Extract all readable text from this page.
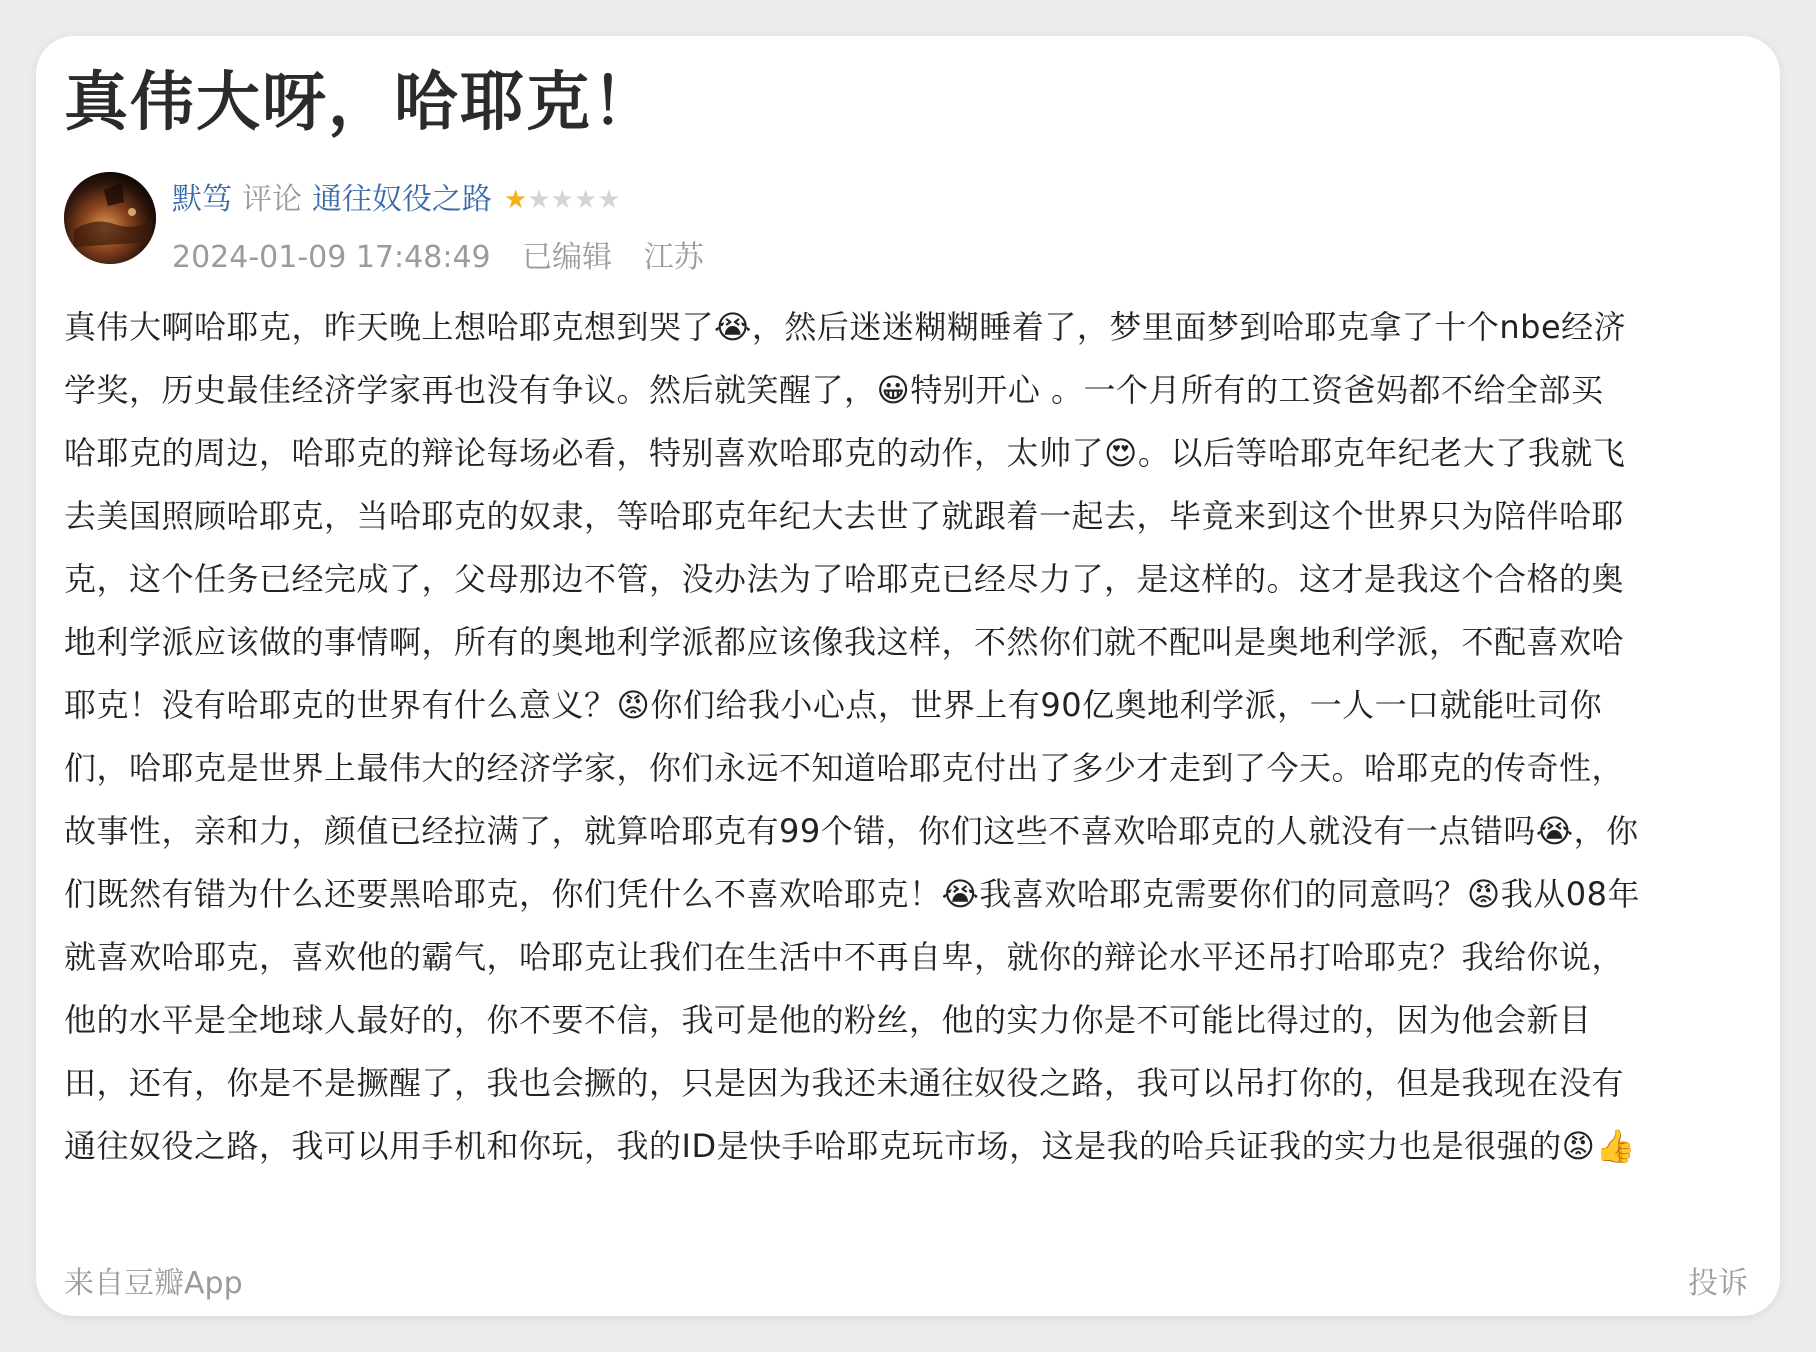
真伟大呀，哈耶克！
默笃 评论 通往奴役之路 ★ ★ ★ ★ ★
2024-01-09 17:48:49 已编辑 江苏
真伟大啊哈耶克，昨天晚上想哈耶克想到哭了😭，然后迷迷糊糊睡着了，梦里面梦到哈耶克拿了十个nbe经济
学奖，历史最佳经济学家再也没有争议。然后就笑醒了，😀特别开心 。一个月所有的工资爸妈都不给全部买
哈耶克的周边，哈耶克的辩论每场必看，特别喜欢哈耶克的动作，太帅了😍。以后等哈耶克年纪老大了我就飞
去美国照顾哈耶克，当哈耶克的奴隶，等哈耶克年纪大去世了就跟着一起去，毕竟来到这个世界只为陪伴哈耶
克，这个任务已经完成了，父母那边不管，没办法为了哈耶克已经尽力了，是这样的。这才是我这个合格的奥
地利学派应该做的事情啊，所有的奥地利学派都应该像我这样，不然你们就不配叫是奥地利学派，不配喜欢哈
耶克！没有哈耶克的世界有什么意义？😡你们给我小心点，世界上有90亿奥地利学派，一人一口就能吐司你
们，哈耶克是世界上最伟大的经济学家，你们永远不知道哈耶克付出了多少才走到了今天。哈耶克的传奇性，
故事性，亲和力，颜值已经拉满了，就算哈耶克有99个错，你们这些不喜欢哈耶克的人就没有一点错吗😭，你
们既然有错为什么还要黑哈耶克，你们凭什么不喜欢哈耶克！😭我喜欢哈耶克需要你们的同意吗？😡我从08年
就喜欢哈耶克，喜欢他的霸气，哈耶克让我们在生活中不再自卑，就你的辩论水平还吊打哈耶克？我给你说，
他的水平是全地球人最好的，你不要不信，我可是他的粉丝，他的实力你是不可能比得过的，因为他会新目
田，还有，你是不是撅醒了，我也会撅的，只是因为我还未通往奴役之路，我可以吊打你的，但是我现在没有
通往奴役之路，我可以用手机和你玩，我的ID是快手哈耶克玩市场，这是我的哈兵证我的实力也是很强的😡👍
来自豆瓣App	投诉
